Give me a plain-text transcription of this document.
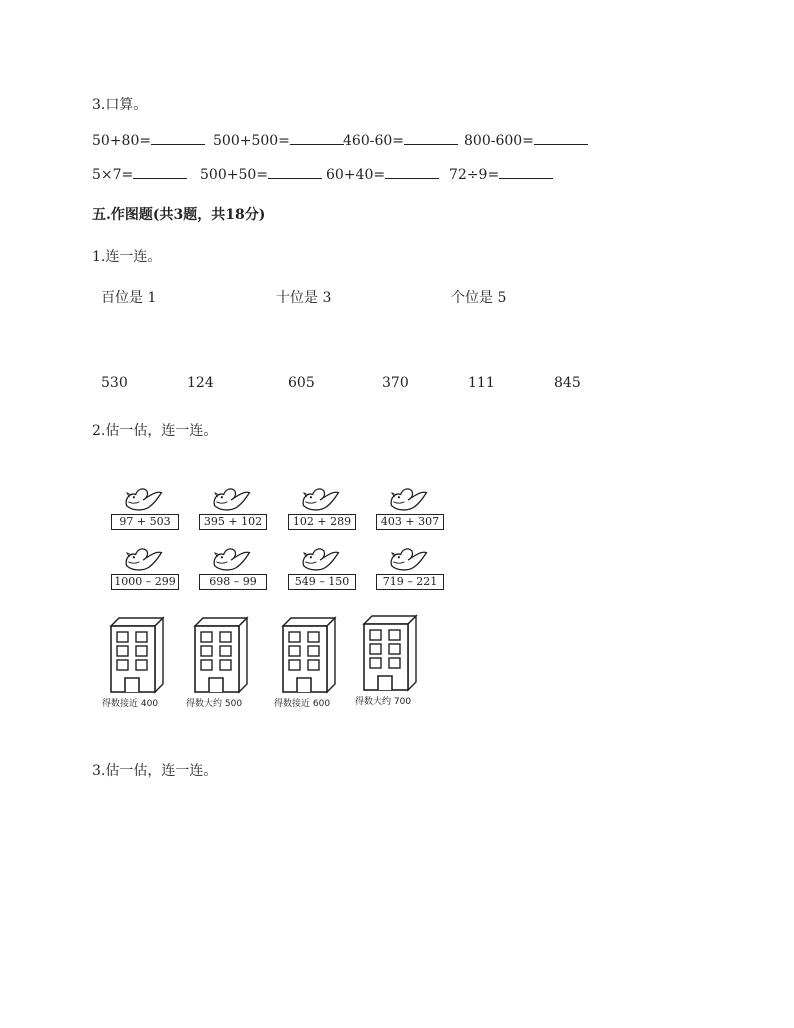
3.口算。
50+80=	500+500=	460-60=	800-600=
5×7=	500+50=	60+40=	72÷9=
五.作图题(共3题，共18分)
1.连一连。
百位是 1	十位是 3	个位是 5
530	124	605	370	111	845
2.估一估，连一连。
97 + 503	395 + 102	102 + 289	403 + 307
1000 – 299	698 – 99	549 – 150	719 – 221
得数接近 400	得数大约 500	得数接近 600	得数大约 700
3.估一估，连一连。
